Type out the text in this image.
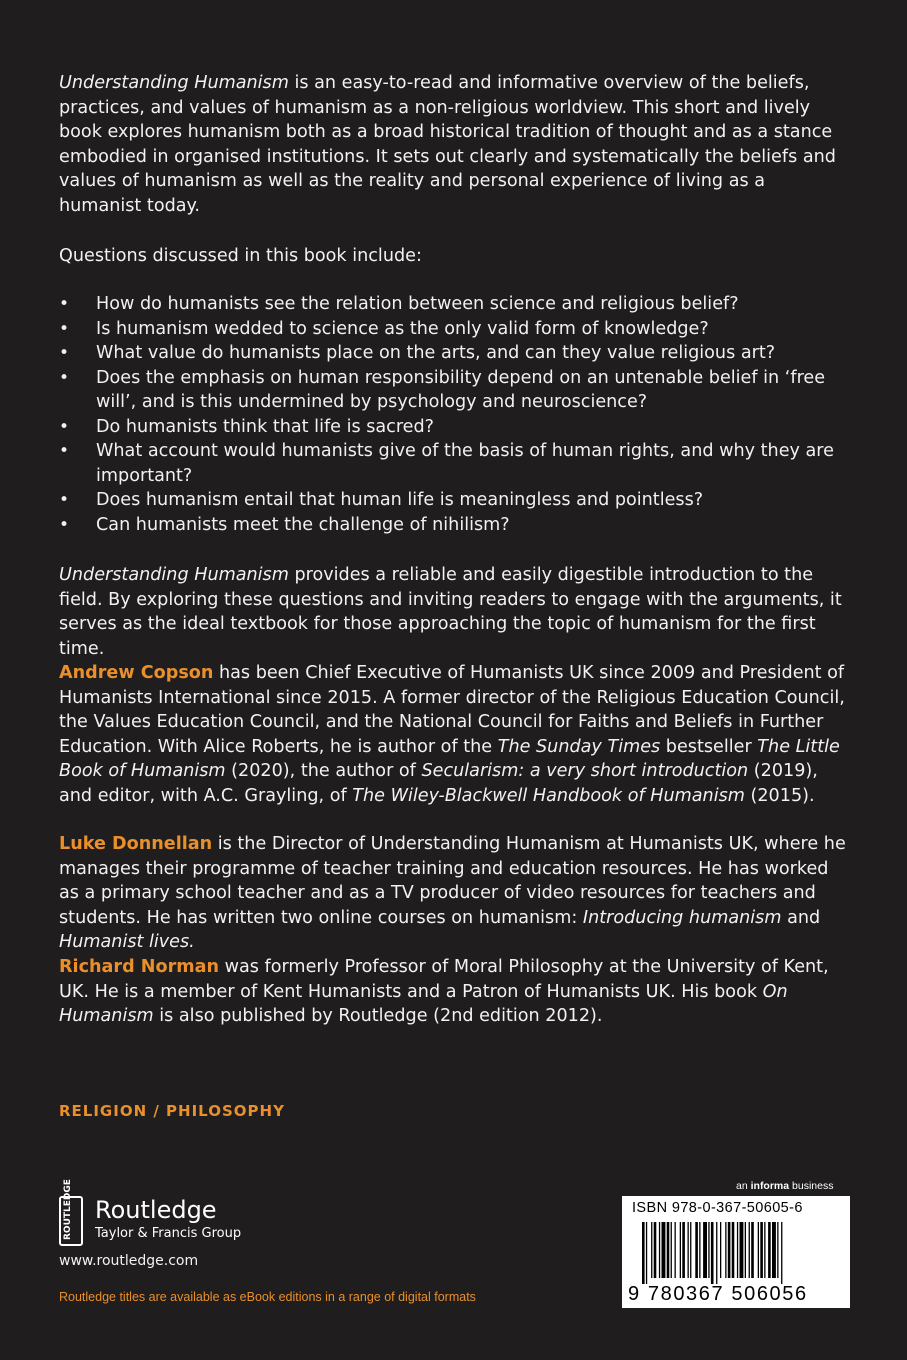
Understanding Humanism is an easy-to-read and informative overview of the beliefs, practices, and values of humanism as a non-religious worldview. This short and lively book explores humanism both as a broad historical tradition of thought and as a stance embodied in organised institutions. It sets out clearly and systematically the beliefs and values of humanism as well as the reality and personal experience of living as a humanist today.

Questions discussed in this book include:

• How do humanists see the relation between science and religious belief?
• Is humanism wedded to science as the only valid form of knowledge?
• What value do humanists place on the arts, and can they value religious art?
• Does the emphasis on human responsibility depend on an untenable belief in ‘free will’, and is this undermined by psychology and neuroscience?
• Do humanists think that life is sacred?
• What account would humanists give of the basis of human rights, and why they are important?
• Does humanism entail that human life is meaningless and pointless?
• Can humanists meet the challenge of nihilism?

Understanding Humanism provides a reliable and easily digestible introduction to the field. By exploring these questions and inviting readers to engage with the arguments, it serves as the ideal textbook for those approaching the topic of humanism for the first time.

Andrew Copson has been Chief Executive of Humanists UK since 2009 and President of Humanists International since 2015. A former director of the Religious Education Council, the Values Education Council, and the National Council for Faiths and Beliefs in Further Education. With Alice Roberts, he is author of the The Sunday Times bestseller The Little Book of Humanism (2020), the author of Secularism: a very short introduction (2019), and editor, with A.C. Grayling, of The Wiley-Blackwell Handbook of Humanism (2015).

Luke Donnellan is the Director of Understanding Humanism at Humanists UK, where he manages their programme of teacher training and education resources. He has worked as a primary school teacher and as a TV producer of video resources for teachers and students. He has written two online courses on humanism: Introducing humanism and Humanist lives.

Richard Norman was formerly Professor of Moral Philosophy at the University of Kent, UK. He is a member of Kent Humanists and a Patron of Humanists UK. His book On Humanism is also published by Routledge (2nd edition 2012).

RELIGION / PHILOSOPHY
ROUTLEDGE Routledge
Taylor & Francis Group
www.routledge.com
Routledge titles are available as eBook editions in a range of digital formats
an informa business
ISBN 978-0-367-50605-6
9 780367 506056
